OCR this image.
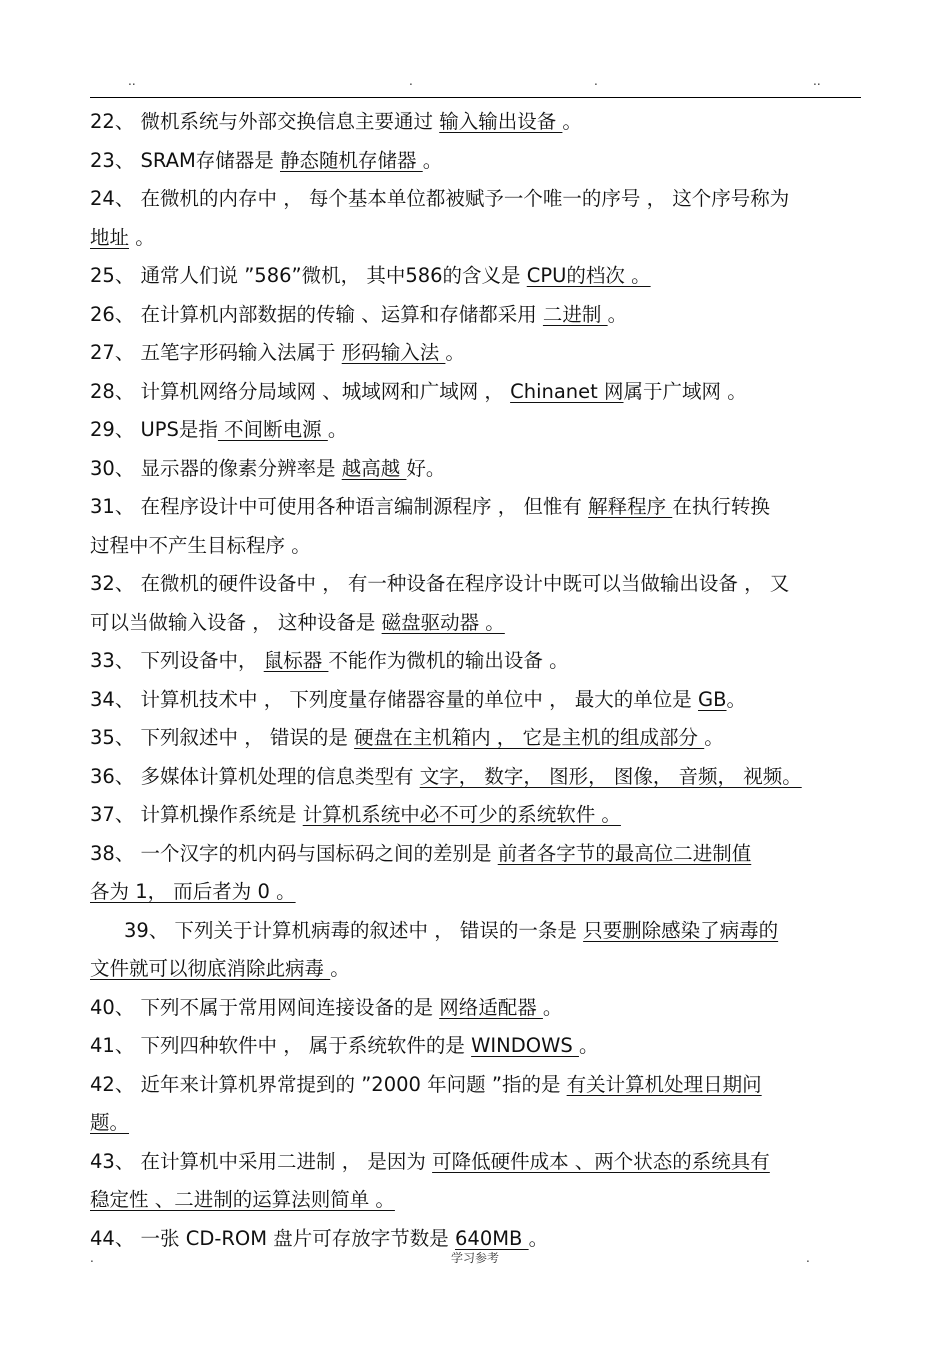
..	.	.	..
22、 微机系统与外部交换信息主要通过 输入输出设备 。
23、 SRAM存储器是 静态随机存储器 。
24、 在微机的内存中 ， 每个基本单位都被赋予一个唯一的序号 ， 这个序号称为
地址 。
25、 通常人们说 ”586”微机， 其中586的含义是 CPU的档次 。
26、 在计算机内部数据的传输 、运算和存储都采用 二进制 。
27、 五笔字形码输入法属于 形码输入法 。
28、 计算机网络分局域网 、城域网和广域网 ， Chinanet 网属于广域网 。
29、 UPS是指 不间断电源 。
30、 显示器的像素分辨率是 越高越 好。
31、 在程序设计中可使用各种语言编制源程序 ， 但惟有 解释程序 在执行转换
过程中不产生目标程序 。
32、 在微机的硬件设备中 ， 有一种设备在程序设计中既可以当做输出设备 ， 又
可以当做输入设备 ， 这种设备是 磁盘驱动器 。
33、 下列设备中， 鼠标器 不能作为微机的输出设备 。
34、 计算机技术中 ， 下列度量存储器容量的单位中 ， 最大的单位是 GB。
35、 下列叙述中 ， 错误的是 硬盘在主机箱内 ， 它是主机的组成部分 。
36、 多媒体计算机处理的信息类型有 文字， 数字， 图形， 图像， 音频， 视频。
37、 计算机操作系统是 计算机系统中必不可少的系统软件 。
38、 一个汉字的机内码与国标码之间的差别是 前者各字节的最高位二进制值
各为 1， 而后者为 0 。
39、 下列关于计算机病毒的叙述中 ， 错误的一条是 只要删除感染了病毒的
文件就可以彻底消除此病毒 。
40、 下列不属于常用网间连接设备的是 网络适配器 。
41、 下列四种软件中 ， 属于系统软件的是 WINDOWS 。
42、 近年来计算机界常提到的 ”2000 年问题 ”指的是 有关计算机处理日期问
题。
43、 在计算机中采用二进制 ， 是因为 可降低硬件成本 、两个状态的系统具有
稳定性 、二进制的运算法则简单 。
44、 一张 CD-ROM 盘片可存放字节数是 640MB 。
.	学习参考	.
